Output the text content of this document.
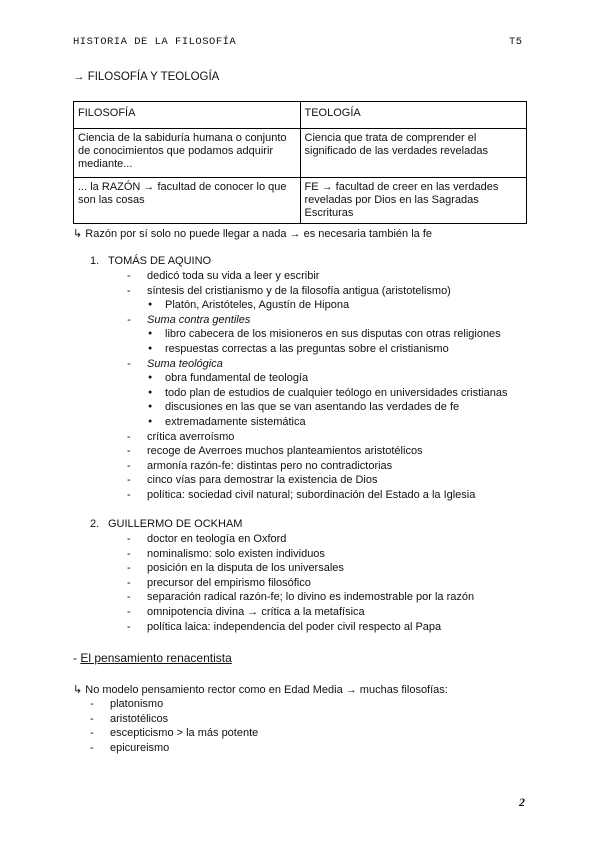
HISTORIA DE LA FILOSOFÍA	T5
→ FILOSOFÍA Y TEOLOGÍA
FILOSOFÍA	TEOLOGÍA
Ciencia de la sabiduría humana o conjunto de conocimientos que podamos adquirir mediante...	Ciencia que trata de comprender el significado de las verdades reveladas
... la RAZÓN → facultad de conocer lo que son las cosas	FE → facultad de creer en las verdades reveladas por Dios en las Sagradas Escrituras
↳ Razón por sí solo no puede llegar a nada → es necesaria también la fe
1. TOMÁS DE AQUINO
- dedicó toda su vida a leer y escribir
- síntesis del cristianismo y de la filosofía antigua (aristotelismo)
● Platón, Aristóteles, Agustín de Hipona
- Suma contra gentiles
● libro cabecera de los misioneros en sus disputas con otras religiones
● respuestas correctas a las preguntas sobre el cristianismo
- Suma teológica
● obra fundamental de teología
● todo plan de estudios de cualquier teólogo en universidades cristianas
● discusiones en las que se van asentando las verdades de fe
● extremadamente sistemática
- crítica averroísmo
- recoge de Averroes muchos planteamientos aristotélicos
- armonía razón-fe: distintas pero no contradictorias
- cinco vías para demostrar la existencia de Dios
- política: sociedad civil natural; subordinación del Estado a la Iglesia
2. GUILLERMO DE OCKHAM
- doctor en teología en Oxford
- nominalismo: solo existen individuos
- posición en la disputa de los universales
- precursor del empirismo filosófico
- separación radical razón-fe; lo divino es indemostrable por la razón
- omnipotencia divina → crítica a la metafísica
- política laica: independencia del poder civil respecto al Papa
- El pensamiento renacentista
↳ No modelo pensamiento rector como en Edad Media → muchas filosofías:
- platonismo
- aristotélicos
- escepticismo > la más potente
- epicureismo
2
